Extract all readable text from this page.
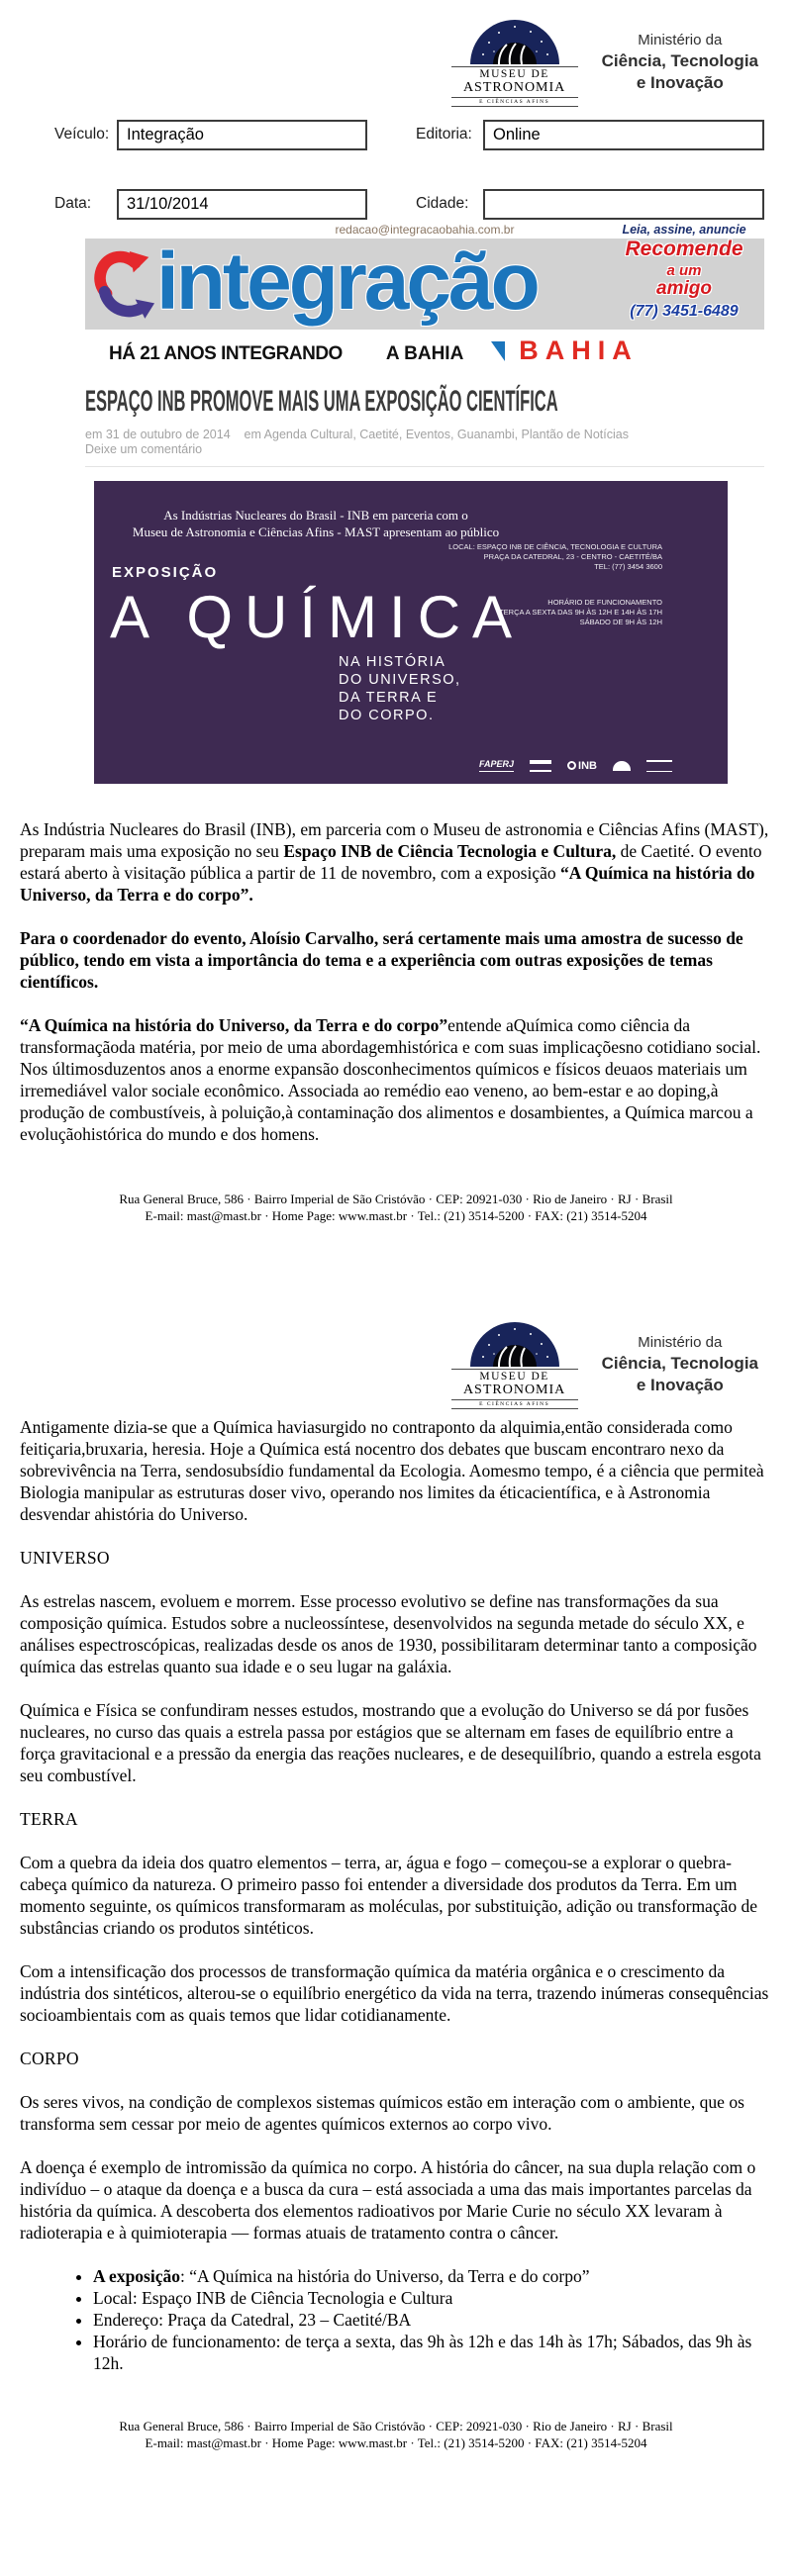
MUSEU DE
ASTRONOMIA
E CIÊNCIAS AFINS
Ministério da
Ciência, Tecnologia
e Inovação
Veículo:	Integração	Editoria:	Online
Data:	31/10/2014	Cidade:
redacao@integracaobahia.com.br
integração
Leia, assine, anuncie
Recomende
a um
amigo
(77) 3451-6489
HÁ 21 ANOS INTEGRANDO A BAHIA BAHIA
ESPAÇO INB PROMOVE MAIS UMA EXPOSIÇÃO CIENTÍFICA
em 31 de outubro de 2014    em Agenda Cultural, Caetité, Eventos, Guanambi, Plantão de Notícias
Deixe um comentário
As Indústrias Nucleares do Brasil - INB em parceria com o
Museu de Astronomia e Ciências Afins - MAST apresentam ao público
EXPOSIÇÃO
LOCAL: ESPAÇO INB DE CIÊNCIA, TECNOLOGIA E CULTURA
PRAÇA DA CATEDRAL, 23 - CENTRO - CAETITÉ/BA
TEL: (77) 3454 3600
HORÁRIO DE FUNCIONAMENTO
TERÇA A SEXTA DAS 9H ÀS 12H E 14H ÀS 17H
SÁBADO DE 9H ÀS 12H
A QUÍMICA
NA HISTÓRIA
DO UNIVERSO,
DA TERRA E
DO CORPO.
FAPERJ	INB

As Indústria Nucleares do Brasil (INB), em parceria com o Museu de astronomia e Ciências Afins (MAST), preparam mais uma exposição no seu Espaço INB de Ciência Tecnologia e Cultura, de Caetité. O evento estará aberto à visitação pública a partir de 11 de novembro, com a exposição “A Química na história do Universo, da Terra e do corpo”.

Para o coordenador do evento, Aloísio Carvalho, será certamente mais uma amostra de sucesso de público, tendo em vista a importância do tema e a experiência com outras exposições de temas científicos.

“A Química na história do Universo, da Terra e do corpo”entende aQuímica como ciência da transformaçãoda matéria, por meio de uma abordagemhistórica e com suas implicaçõesno cotidiano social. Nos últimosduzentos anos a enorme expansão dosconhecimentos químicos e físicos deuaos materiais um irremediável valor sociale econômico. Associada ao remédio eao veneno, ao bem-estar e ao doping,à produção de combustíveis, à poluição,à contaminação dos alimentos e dosambientes, a Química marcou a evoluçãohistórica do mundo e dos homens.

Rua General Bruce, 586 · Bairro Imperial de São Cristóvão · CEP: 20921-030 · Rio de Janeiro · RJ · Brasil
E-mail: mast@mast.br · Home Page: www.mast.br · Tel.: (21) 3514-5200 · FAX: (21) 3514-5204
MUSEU DE
ASTRONOMIA
E CIÊNCIAS AFINS
Ministério da
Ciência, Tecnologia
e Inovação

Antigamente dizia-se que a Química haviasurgido no contraponto da alquimia,então considerada como feitiçaria,bruxaria, heresia. Hoje a Química está nocentro dos debates que buscam encontraro nexo da sobrevivência na Terra, sendosubsídio fundamental da Ecologia. Aomesmo tempo, é a ciência que permiteà Biologia manipular as estruturas doser vivo, operando nos limites da éticacientífica, e à Astronomia desvendar ahistória do Universo.

UNIVERSO

As estrelas nascem, evoluem e morrem. Esse processo evolutivo se define nas transformações da sua composição química. Estudos sobre a nucleossíntese, desenvolvidos na segunda metade do século XX, e análises espectroscópicas, realizadas desde os anos de 1930, possibilitaram determinar tanto a composição química das estrelas quanto sua idade e o seu lugar na galáxia.

Química e Física se confundiram nesses estudos, mostrando que a evolução do Universo se dá por fusões nucleares, no curso das quais a estrela passa por estágios que se alternam em fases de equilíbrio entre a força gravitacional e a pressão da energia das reações nucleares, e de desequilíbrio, quando a estrela esgota seu combustível.

TERRA

Com a quebra da ideia dos quatro elementos – terra, ar, água e fogo – começou-se a explorar o quebra-cabeça químico da natureza. O primeiro passo foi entender a diversidade dos produtos da Terra. Em um momento seguinte, os químicos transformaram as moléculas, por substituição, adição ou transformação de substâncias criando os produtos sintéticos.

Com a intensificação dos processos de transformação química da matéria orgânica e o crescimento da indústria dos sintéticos, alterou-se o equilíbrio energético da vida na terra, trazendo inúmeras consequências socioambientais com as quais temos que lidar cotidianamente.

CORPO

Os seres vivos, na condição de complexos sistemas químicos estão em interação com o ambiente, que os transforma sem cessar por meio de agentes químicos externos ao corpo vivo.

A doença é exemplo de intromissão da química no corpo. A história do câncer, na sua dupla relação com o indivíduo – o ataque da doença e a busca da cura – está associada a uma das mais importantes parcelas da história da química. A descoberta dos elementos radioativos por Marie Curie no século XX levaram à radioterapia e à quimioterapia — formas atuais de tratamento contra o câncer.

• A exposição: “A Química na história do Universo, da Terra e do corpo”
• Local: Espaço INB de Ciência Tecnologia e Cultura
• Endereço: Praça da Catedral, 23 – Caetité/BA
• Horário de funcionamento: de terça a sexta, das 9h às 12h e das 14h às 17h; Sábados, das 9h às 12h.
Rua General Bruce, 586 · Bairro Imperial de São Cristóvão · CEP: 20921-030 · Rio de Janeiro · RJ · Brasil
E-mail: mast@mast.br · Home Page: www.mast.br · Tel.: (21) 3514-5200 · FAX: (21) 3514-5204
